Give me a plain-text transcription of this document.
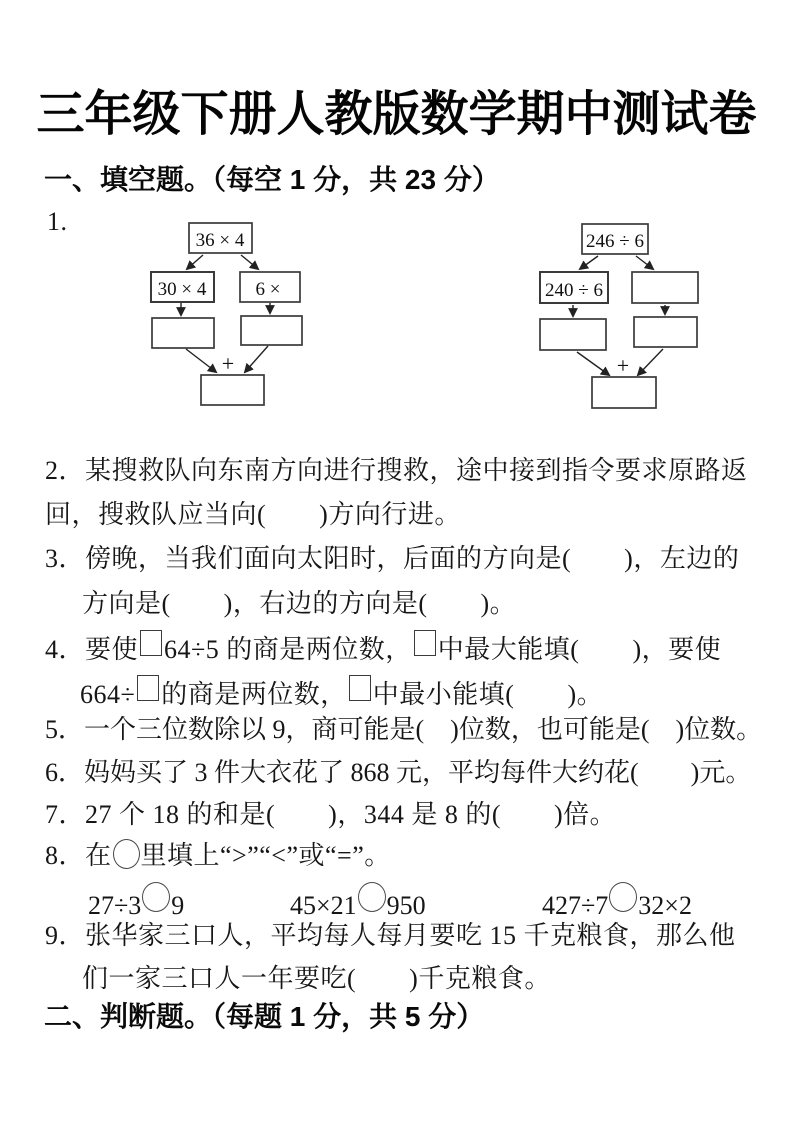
三年级下册人教版数学期中测试卷
一、填空题。（每空 1 分，共 23 分）
1.
36 × 4
30 × 4	6 ×
+
246 ÷ 6
240 ÷ 6
+
2．某搜救队向东南方向进行搜救，途中接到指令要求原路返
回，搜救队应当向(　　)方向行进。
3．傍晚，当我们面向太阳时，后面的方向是(　　)，左边的
方向是(　　)，右边的方向是(　　)。
4．要使 64÷5 的商是两位数， 中最大能填(　　)，要使
664÷ 的商是两位数， 中最小能填(　　)。
5．一个三位数除以 9，商可能是(　)位数，也可能是(　)位数。
6．妈妈买了 3 件大衣花了 868 元，平均每件大约花(　　)元。
7．27 个 18 的和是(　　)，344 是 8 的(　　)倍。
8．在 里填上“>”“<”或“=”。
27÷3 9	45×21 950	427÷7 32×2
9．张华家三口人，平均每人每月要吃 15 千克粮食，那么他
们一家三口人一年要吃(　　)千克粮食。
二、判断题。（每题 1 分，共 5 分）
